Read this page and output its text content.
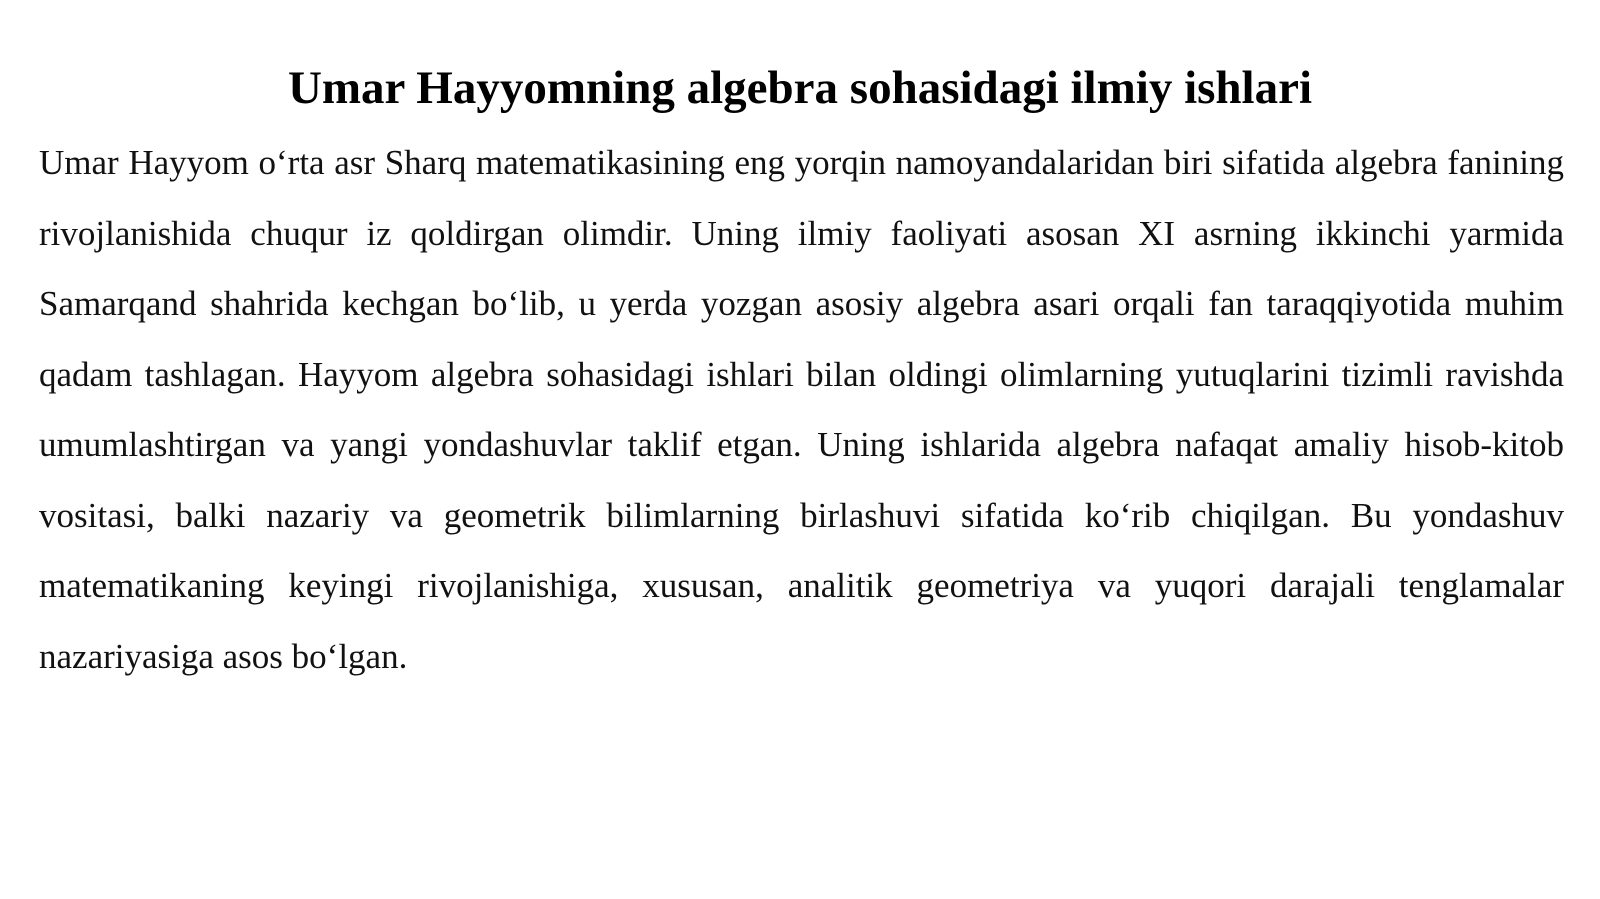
Umar Hayyomning algebra sohasidagi ilmiy ishlari

Umar Hayyom o‘rta asr Sharq matematikasining eng yorqin namoyandalaridan biri sifatida algebra fanining rivojlanishida chuqur iz qoldirgan olimdir. Uning ilmiy faoliyati asosan XI asrning ikkinchi yarmida Samarqand shahrida kechgan bo‘lib, u yerda yozgan asosiy algebra asari orqali fan taraqqiyotida muhim qadam tashlagan. Hayyom algebra sohasidagi ishlari bilan oldingi olimlarning yutuqlarini tizimli ravishda umumlashtirgan va yangi yondashuvlar taklif etgan. Uning ishlarida algebra nafaqat amaliy hisob-kitob vositasi, balki nazariy va geometrik bilimlarning birlashuvi sifatida ko‘rib chiqilgan. Bu yondashuv matematikaning keyingi rivojlanishiga, xususan, analitik geometriya va yuqori darajali tenglamalar nazariyasiga asos bo‘lgan.
